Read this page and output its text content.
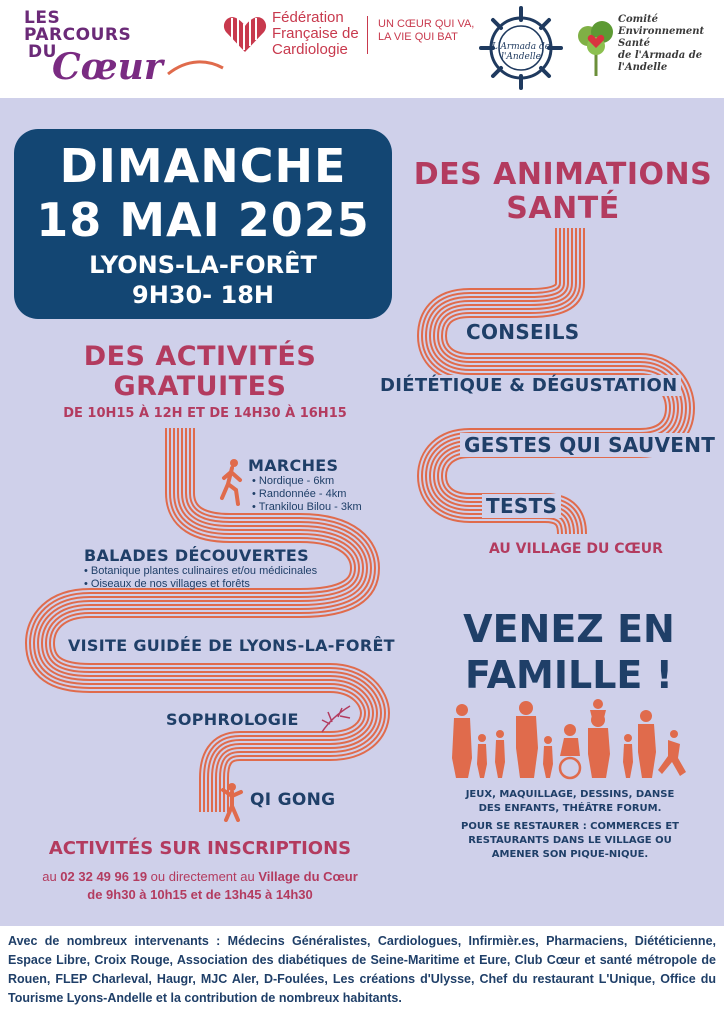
LES
PARCOURS
DU
Cœur
Fédération
Française de
Cardiologie
UN CŒUR QUI VA,
LA VIE QUI BAT
L'Armada de l'Andelle
Comité
Environnement
Santé
de l'Armada de l'Andelle
DIMANCHE
18 MAI 2025
LYONS-LA-FORÊT
9H30- 18H
DES ANIMATIONS
SANTÉ
CONSEILS
DIÉTÉTIQUE & DÉGUSTATION
GESTES QUI SAUVENT
TESTS
AU VILLAGE DU CŒUR
DES ACTIVITÉS
GRATUITES
DE 10H15 À 12H ET DE 14H30 À 16H15
MARCHES
• Nordique - 6km
• Randonnée - 4km
• Trankilou Bilou - 3km
BALADES DÉCOUVERTES
• Botanique plantes culinaires et/ou médicinales
• Oiseaux de nos villages et forêts
VISITE GUIDÉE DE LYONS-LA-FORÊT
SOPHROLOGIE
QI GONG
ACTIVITÉS SUR INSCRIPTIONS
au 02 32 49 96 19 ou directement au Village du Cœur
de 9h30 à 10h15 et de 13h45 à 14h30
VENEZ EN
FAMILLE !
JEUX, MAQUILLAGE, DESSINS, DANSE
DES ENFANTS, THÉÂTRE FORUM.
POUR SE RESTAURER : COMMERCES ET
RESTAURANTS DANS LE VILLAGE OU
AMENER SON PIQUE-NIQUE.
Avec de nombreux intervenants : Médecins Généralistes, Cardiologues, Infirmièr.es, Pharmaciens, Diététicienne, Espace Libre, Croix Rouge, Association des diabétiques de Seine-Maritime et Eure, Club Cœur et santé métropole de Rouen, FLEP Charleval, Haugr, MJC Aler, D-Foulées, Les créations d'Ulysse, Chef du restaurant L'Unique, Office du Tourisme Lyons-Andelle et la contribution de nombreux habitants.
